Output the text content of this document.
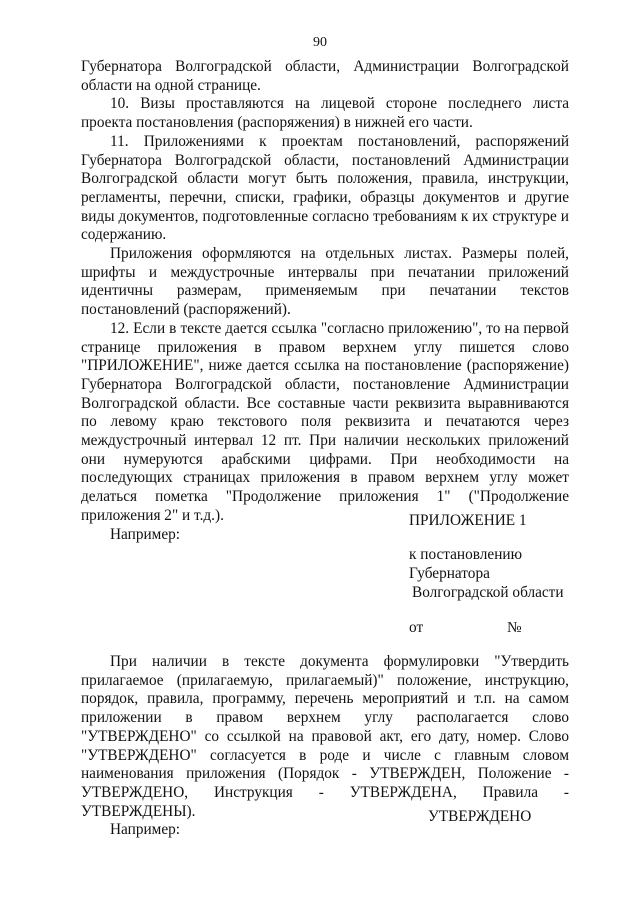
90

Губернатора Волгоградской области, Администрации Волгоградской области на одной странице.

10. Визы проставляются на лицевой стороне последнего листа проекта постановления (распоряжения) в нижней его части.

11. Приложениями к проектам постановлений, распоряжений Губернатора Волгоградской области, постановлений Администрации Волгоградской области могут быть положения, правила, инструкции, регламенты, перечни, списки, графики, образцы документов и другие виды документов, подготовленные согласно требованиям к их структуре и содержанию.

Приложения оформляются на отдельных листах. Размеры полей, шрифты и междустрочные интервалы при печатании приложений идентичны размерам, применяемым при печатании текстов постановлений (распоряжений).

12. Если в тексте дается ссылка "согласно приложению", то на первой странице приложения в правом верхнем углу пишется слово "ПРИЛОЖЕНИЕ", ниже дается ссылка на постановление (распоряжение) Губернатора Волгоградской области, постановление Администрации Волгоградской области. Все составные части реквизита выравниваются по левому краю текстового поля реквизита и печатаются через междустрочный интервал 12 пт. При наличии нескольких приложений они нумеруются арабскими цифрами. При необходимости на последующих страницах приложения в правом верхнем углу может делаться пометка "Продолжение приложения 1" ("Продолжение приложения 2" и т.д.).

Например:

ПРИЛОЖЕНИЕ 1
к постановлению
Губернатора
Волгоградской области
от	№

При наличии в тексте документа формулировки "Утвердить прилагаемое (прилагаемую, прилагаемый)" положение, инструкцию, порядок, правила, программу, перечень мероприятий и т.п. на самом приложении в правом верхнем углу располагается слово "УТВЕРЖДЕНО" со ссылкой на правовой акт, его дату, номер. Слово "УТВЕРЖДЕНО" согласуется в роде и числе с главным словом наименования приложения (Порядок - УТВЕРЖДЕН, Положение - УТВЕРЖДЕНО, Инструкция - УТВЕРЖДЕНА, Правила - УТВЕРЖДЕНЫ).

Например:

УТВЕРЖДЕНО
